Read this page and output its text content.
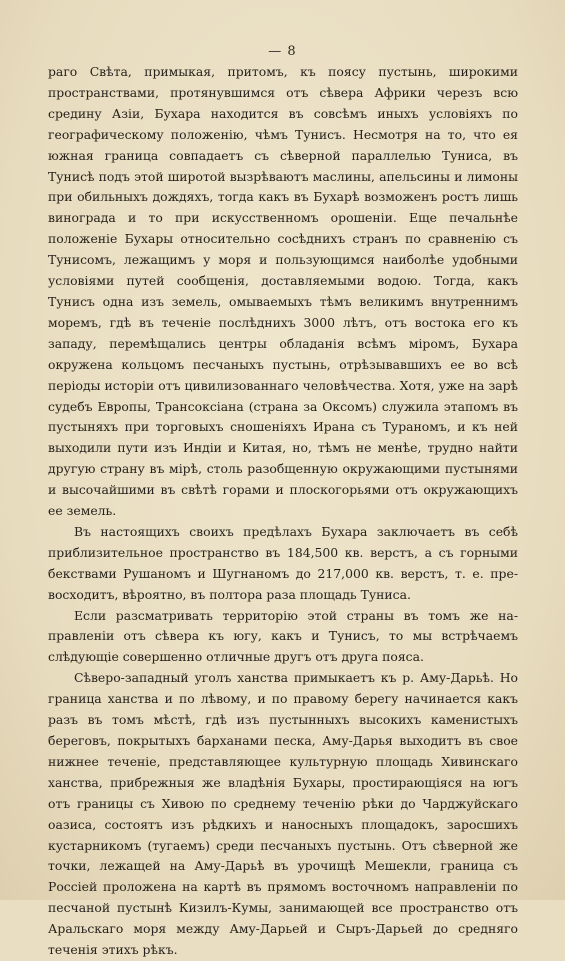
— 8

раго Свѣта, примыкая, притомъ, къ поясу пустынь, широкими пространствами, протянувшимся отъ сѣвера Африки черезъ всю средину Азіи, Бухара находится въ совсѣмъ иныхъ условіяхъ по географическому положенію, чѣмъ Тунисъ. Несмотря на то, что ея южная граница совпадаетъ съ сѣверной параллелью Туниса, въ Тунисѣ подъ этой широтой вызрѣваютъ маслины, апельсины и лимоны при обильныхъ дождяхъ, тогда какъ въ Бухарѣ возможенъ ростъ лишь винограда и то при искусственномъ орошеніи. Еще печальнѣе положеніе Бухары относительно сосѣднихъ странъ по сравненію съ Тунисомъ, лежащимъ у моря и пользующимся наиболѣе удобными условіями путей сообщенія, доставляемыми водою. Тогда, какъ Тунисъ одна изъ земель, омываемыхъ тѣмъ великимъ внутреннимъ моремъ, гдѣ въ теченіе послѣднихъ 3000 лѣтъ, отъ востока его къ западу, перемѣщались центры обладанія всѣмъ міромъ, Бухара окружена кольцомъ песчаныхъ пустынь, отрѣзывавшихъ ее во всѣ періоды исторіи отъ цивилизованнаго человѣчества. Хотя, уже на зарѣ судебъ Европы, Трансоксіана (страна за Оксомъ) служила этапомъ въ пустыняхъ при торговыхъ сношеніяхъ Ирана съ Тураномъ, и къ ней выходили пути изъ Индіи и Китая, но, тѣмъ не менѣе, трудно найти другую страну въ мірѣ, столь разобщенную окружающими пустынями и высочайшими въ свѣтѣ горами и плоскогорьями отъ окружающихъ ее земель.

Въ настоящихъ своихъ предѣлахъ Бухара заключаетъ въ себѣ приблизительное пространство въ 184,500 кв. верстъ, а съ горными бекствами Рушаномъ и Шугнаномъ до 217,000 кв. верстъ, т. е. превосходитъ, вѣроятно, въ полтора раза площадь Туниса.

Если разсматривать территорію этой страны въ томъ же направленіи отъ сѣвера къ югу, какъ и Тунисъ, то мы встрѣчаемъ слѣдующіе совершенно отличные другъ отъ друга пояса.

Сѣверо-западный уголъ ханства примыкаетъ къ р. Аму-Дарьѣ. Но граница ханства и по лѣвому, и по правому берегу начинается какъ разъ въ томъ мѣстѣ, гдѣ изъ пустынныхъ высокихъ каменистыхъ береговъ, покрытыхъ барханами песка, Аму-Дарья выходитъ въ свое нижнее теченіе, представляющее культурную площадь Хивинскаго ханства, прибрежныя же владѣнія Бухары, простирающіяся на югъ отъ границы съ Хивою по среднему теченію рѣки до Чарджуйскаго оазиса, состоятъ изъ рѣдкихъ и наносныхъ площадокъ, заросшихъ кустарникомъ (тугаемъ) среди песчаныхъ пустынь. Отъ сѣверной же точки, лежащей на Аму-Дарьѣ въ урочищѣ Мешекли, граница съ Россіей проложена на картѣ въ прямомъ восточномъ направленіи по песчаной пустынѣ Кизилъ-Кумы, занимающей все пространство отъ Аральскаго моря между Аму-Дарьей и Сыръ-Дарьей до средняго теченія этихъ рѣкъ.
